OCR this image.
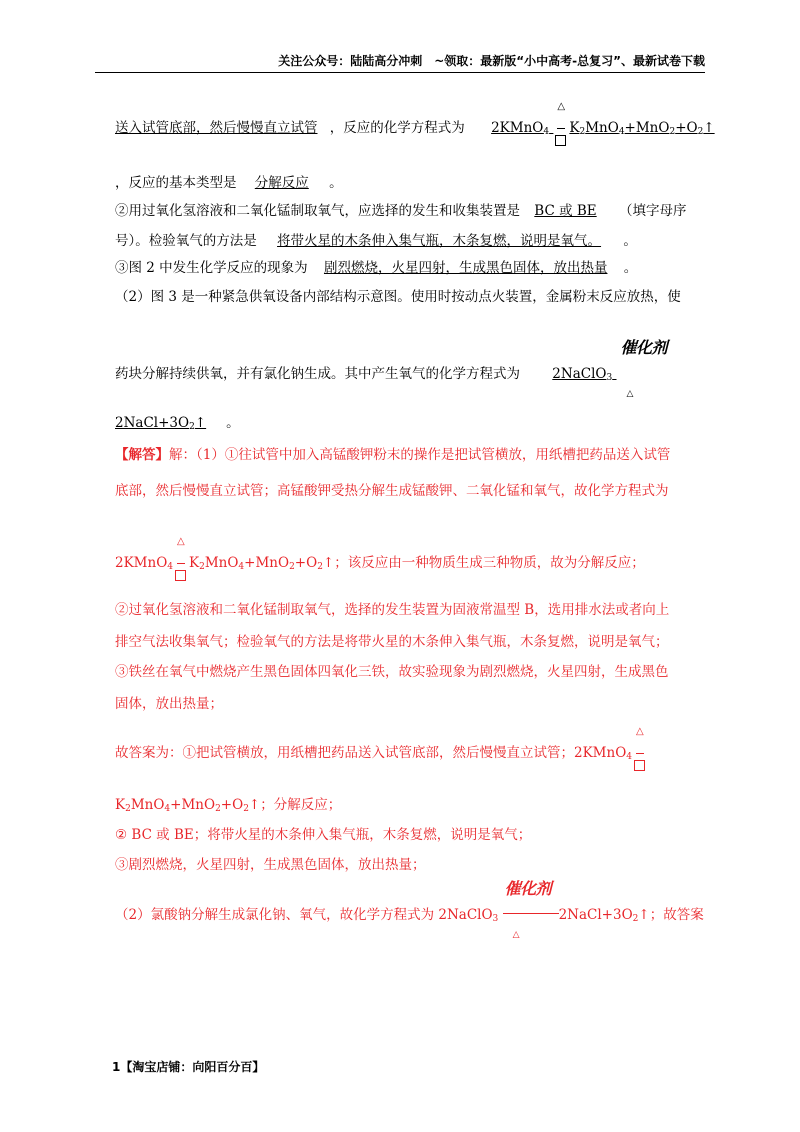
关注公众号：陆陆高分冲刺　~领取：最新版“小中高考-总复习”、最新试卷下载
送入试管底部，然后慢慢直立试管 ，反应的化学方程式为 2KMnO$_4$
△
$K_2MnO_4+MnO_2+O_2↑$
，反应的基本类型是 分解反应 。
②用过氧化氢溶液和二氧化锰制取氧气，应选择的发生和收集装置是 BC 或 BE （填字母序
号）。检验氧气的方法是 将带火星的木条伸入集气瓶，木条复燃，说明是氧气。 。
③图 2 中发生化学反应的现象为 剧烈燃烧，火星四射，生成黑色固体，放出热量 。
（2）图 3 是一种紧急供氧设备内部结构示意图。使用时按动点火装置，金属粉末反应放热，使
药块分解持续供氧，并有氯化钠生成。其中产生氧气的化学方程式为 2NaClO$_3$
催化剂
△
$2NaCl+3O_2↑$ 。
【解答】解：（1）①往试管中加入高锰酸钾粉末的操作是把试管横放，用纸槽把药品送入试管
底部，然后慢慢直立试管；高锰酸钾受热分解生成锰酸钾、二氧化锰和氧气，故化学方程式为
2KMnO$_4$
△
$K_2MnO_4+MnO_2+O_2↑$；该反应由一种物质生成三种物质，故为分解反应；
②过氧化氢溶液和二氧化锰制取氧气，选择的发生装置为固液常温型 B，选用排水法或者向上
排空气法收集氧气；检验氧气的方法是将带火星的木条伸入集气瓶，木条复燃，说明是氧气；
③铁丝在氧气中燃烧产生黑色固体四氧化三铁，故实验现象为剧烈燃烧，火星四射，生成黑色
固体，放出热量；
故答案为：①把试管横放，用纸槽把药品送入试管底部，然后慢慢直立试管；2KMnO$_4$
△
$K_2MnO_4+MnO_2+O_2↑$；分解反应；
② BC 或 BE；将带火星的木条伸入集气瓶，木条复燃，说明是氧气；
③剧烈燃烧，火星四射，生成黑色固体，放出热量；
（2）氯酸钠分解生成氯化钠、氧气，故化学方程式为 2NaClO$_3$
催化剂
△
$2NaCl+3O_2↑$；故答案
1【淘宝店铺：向阳百分百】
